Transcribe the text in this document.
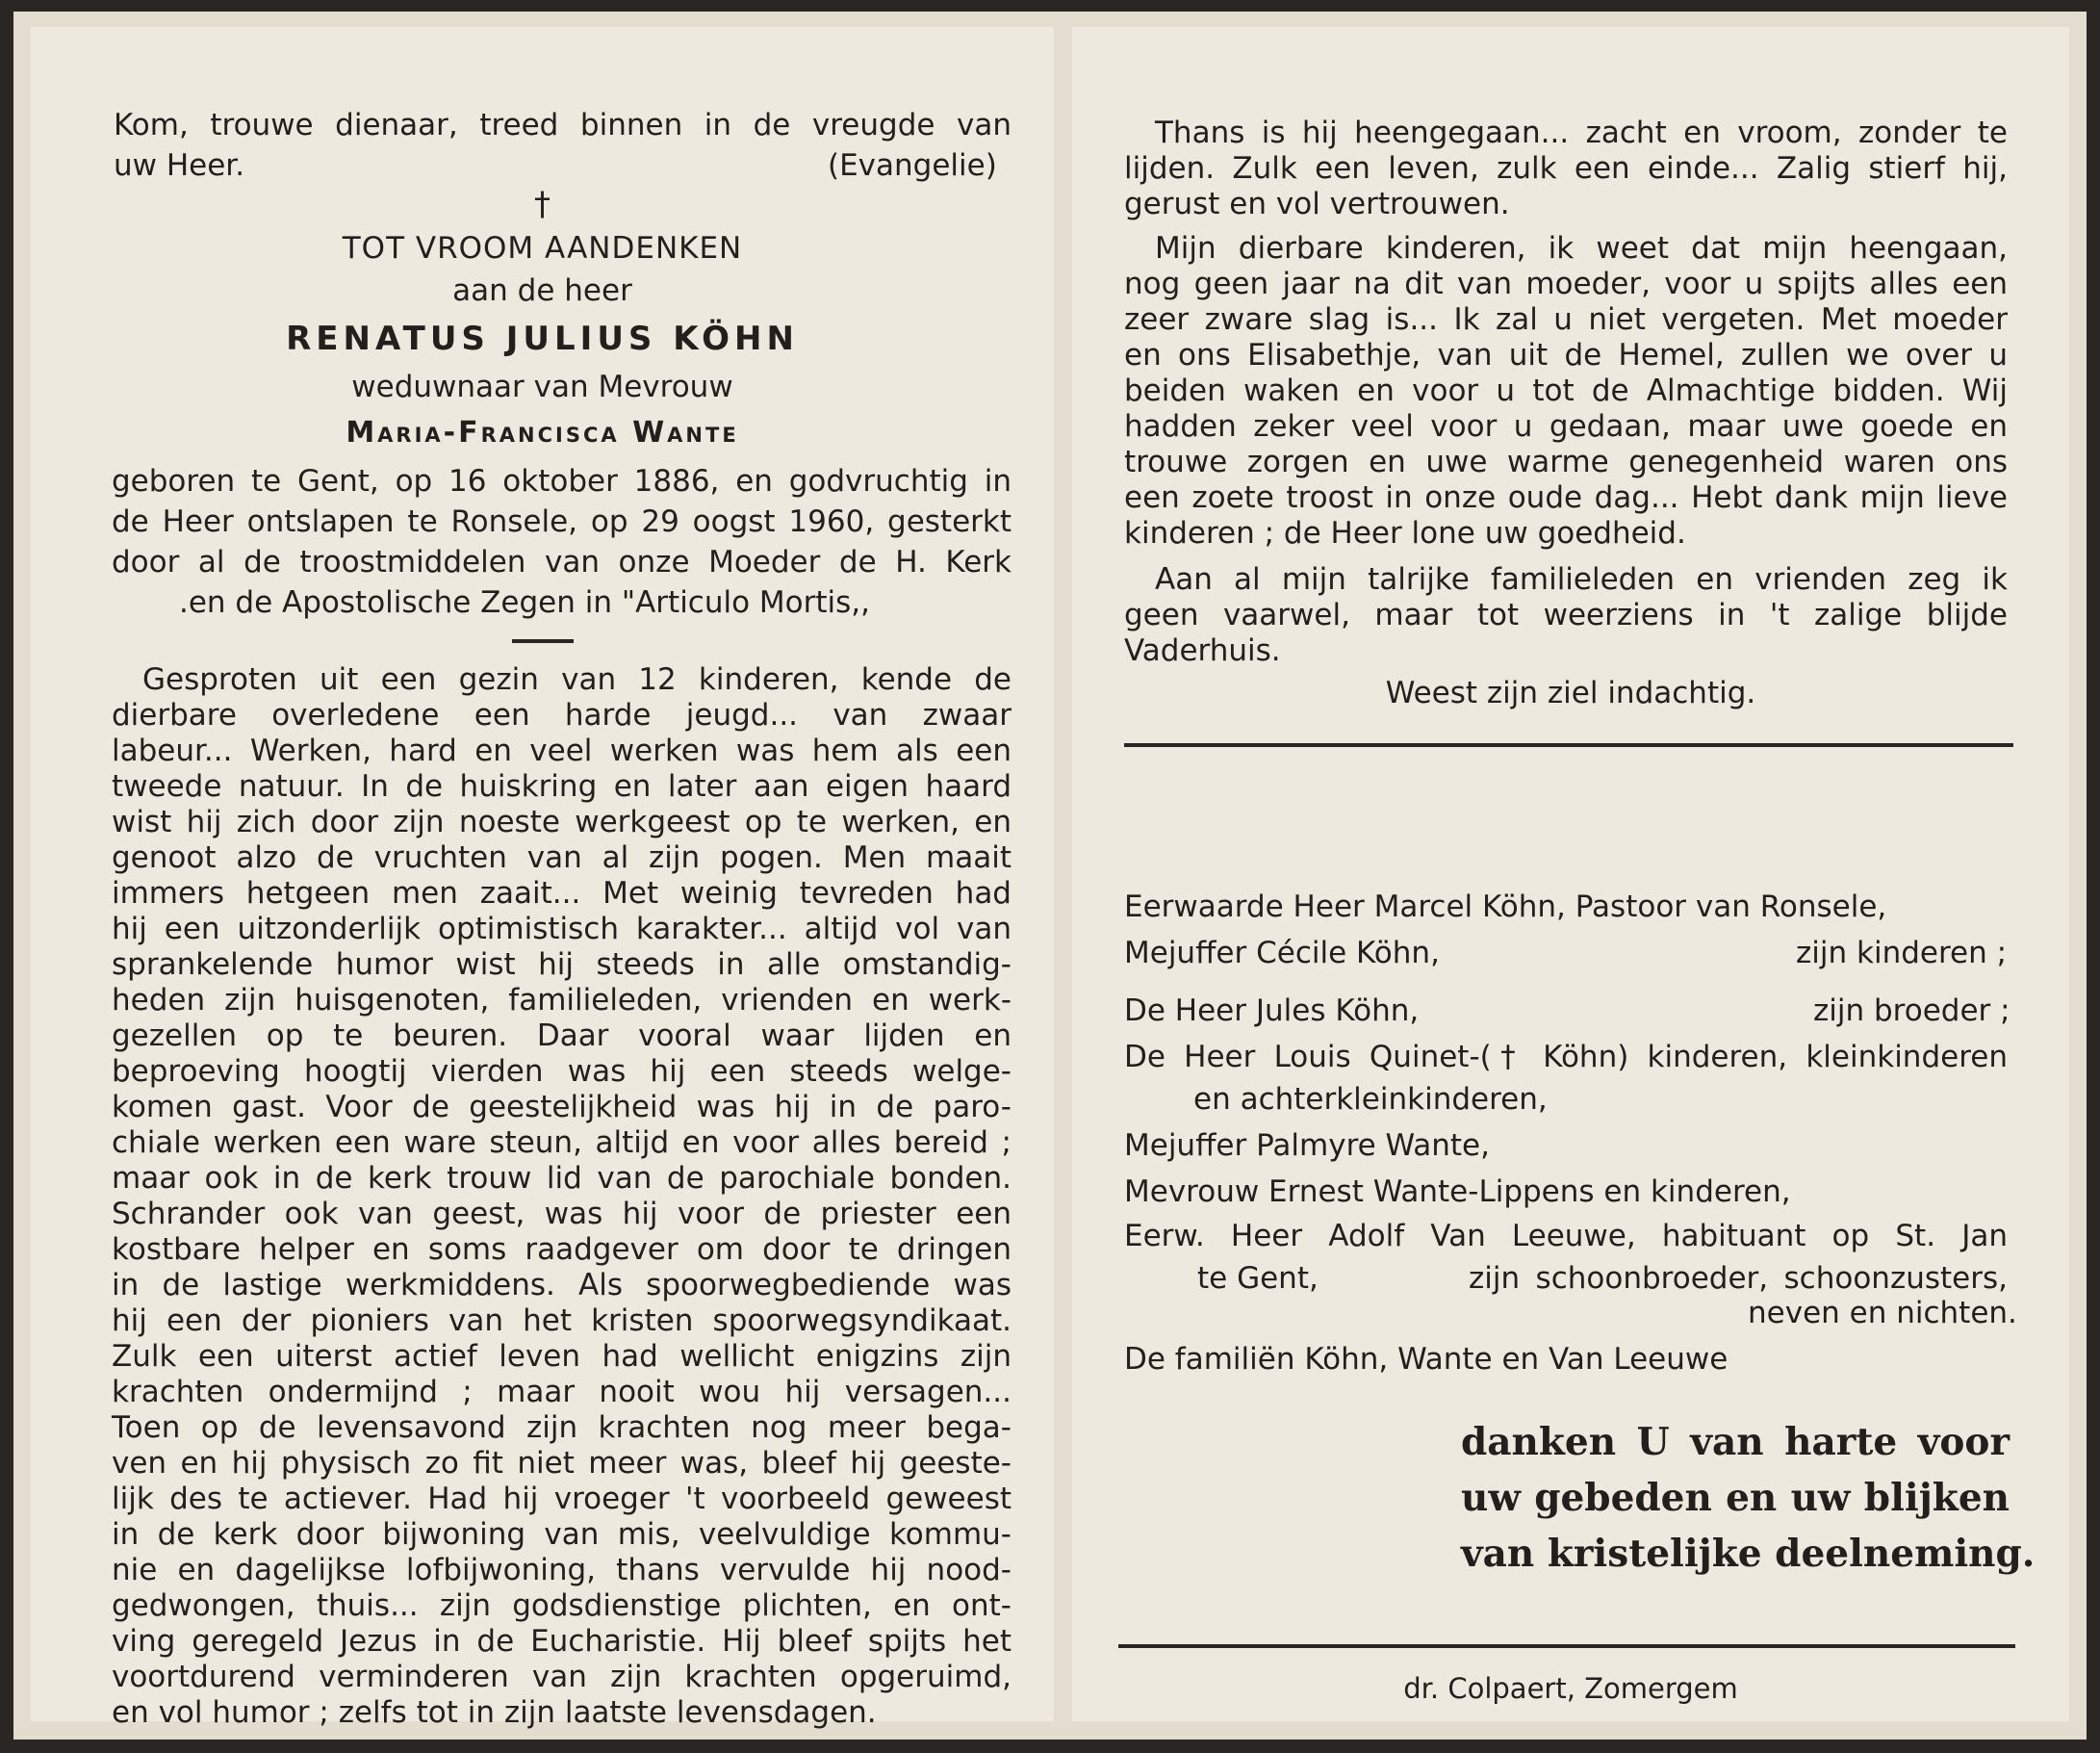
Kom, trouwe dienaar, treed binnen in de vreugde van
uw Heer.	(Evangelie)
†
TOT VROOM AANDENKEN
aan de heer
RENATUS JULIUS KÖHN
weduwnaar van Mevrouw
Maria-Francisca Wante
geboren te Gent, op 16 oktober 1886, en godvruchtig in
de Heer ontslapen te Ronsele, op 29 oogst 1960, gesterkt
door al de troostmiddelen van onze Moeder de H. Kerk
.en de Apostolische Zegen in "Articulo Mortis,,
Gesproten uit een gezin van 12 kinderen, kende de
dierbare overledene een harde jeugd... van zwaar
labeur... Werken, hard en veel werken was hem als een
tweede natuur. In de huiskring en later aan eigen haard
wist hij zich door zijn noeste werkgeest op te werken, en
genoot alzo de vruchten van al zijn pogen. Men maait
immers hetgeen men zaait... Met weinig tevreden had
hij een uitzonderlijk optimistisch karakter... altijd vol van
sprankelende humor wist hij steeds in alle omstandig-
heden zijn huisgenoten, familieleden, vrienden en werk-
gezellen op te beuren. Daar vooral waar lijden en
beproeving hoogtij vierden was hij een steeds welge-
komen gast. Voor de geestelijkheid was hij in de paro-
chiale werken een ware steun, altijd en voor alles bereid ;
maar ook in de kerk trouw lid van de parochiale bonden.
Schrander ook van geest, was hij voor de priester een
kostbare helper en soms raadgever om door te dringen
in de lastige werkmiddens. Als spoorwegbediende was
hij een der pioniers van het kristen spoorwegsyndikaat.
Zulk een uiterst actief leven had wellicht enigzins zijn
krachten ondermijnd ; maar nooit wou hij versagen...
Toen op de levensavond zijn krachten nog meer bega-
ven en hij physisch zo fit niet meer was, bleef hij geeste-
lijk des te actiever. Had hij vroeger 't voorbeeld geweest
in de kerk door bijwoning van mis, veelvuldige kommu-
nie en dagelijkse lofbijwoning, thans vervulde hij nood-
gedwongen, thuis... zijn godsdienstige plichten, en ont-
ving geregeld Jezus in de Eucharistie. Hij bleef spijts het
voortdurend verminderen van zijn krachten opgeruimd,
en vol humor ; zelfs tot in zijn laatste levensdagen.
Thans is hij heengegaan... zacht en vroom, zonder te
lijden. Zulk een leven, zulk een einde... Zalig stierf hij,
gerust en vol vertrouwen.
Mijn dierbare kinderen, ik weet dat mijn heengaan,
nog geen jaar na dit van moeder, voor u spijts alles een
zeer zware slag is... Ik zal u niet vergeten. Met moeder
en ons Elisabethje, van uit de Hemel, zullen we over u
beiden waken en voor u tot de Almachtige bidden. Wij
hadden zeker veel voor u gedaan, maar uwe goede en
trouwe zorgen en uwe warme genegenheid waren ons
een zoete troost in onze oude dag... Hebt dank mijn lieve
kinderen ; de Heer lone uw goedheid.
Aan al mijn talrijke familieleden en vrienden zeg ik
geen vaarwel, maar tot weerziens in 't zalige blijde
Vaderhuis.
Weest zijn ziel indachtig.
Eerwaarde Heer Marcel Köhn, Pastoor van Ronsele,
Mejuffer Cécile Köhn,	zijn kinderen ;
De Heer Jules Köhn,	zijn broeder ;
De Heer Louis Quinet-(† Köhn) kinderen, kleinkinderen
en achterkleinkinderen,
Mejuffer Palmyre Wante,
Mevrouw Ernest Wante-Lippens en kinderen,
Eerw. Heer Adolf Van Leeuwe, habituant op St. Jan
te Gent,	zijn schoonbroeder, schoonzusters,
neven en nichten.
De familiën Köhn, Wante en Van Leeuwe
danken U van harte voor
uw gebeden en uw blijken
van kristelijke deelneming.
dr. Colpaert, Zomergem
